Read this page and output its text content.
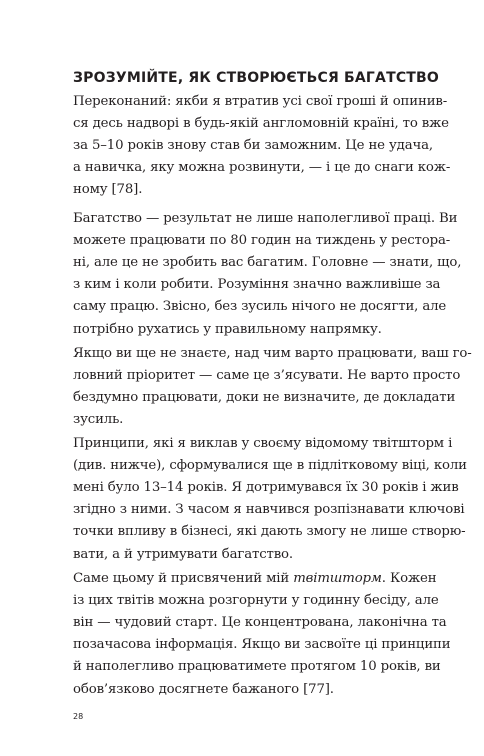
ЗРОЗУМІЙТЕ, ЯК СТВОРЮЄТЬСЯ БАГАТСТВО
Переконаний: якби я втратив усі свої гроші й опинив-
ся десь надворі в будь-якій англомовній країні, то вже
за 5–10 років знову став би заможним. Це не удача,
а навичка, яку можна розвинути, — і це до снаги кож-
ному [78].
Багатство — результат не лише наполегливої праці. Ви
можете працювати по 80 годин на тиждень у ресторa-
ні, але це не зробить вас багатим. Головне — знати, що,
з ким і коли робити. Розуміння значно важливіше за
саму працю. Звісно, без зусиль нічого не досягти, але
потрібно рухатись у правильному напрямку.
Якщо ви ще не знаєте, над чим варто працювати, ваш го-
ловний пріоритет — саме це з’ясувати. Не варто просто
бездумно працювати, доки не визначите, де докладати
зусиль.
Принципи, які я виклав у своєму відомому твітшторм і
(див. нижче), сформувалися ще в підлітковому віці, коли
мені було 13–14 років. Я дотримувався їх 30 років і жив
згідно з ними. З часом я навчився розпізнавати ключові
точки впливу в бізнесі, які дають змогу не лише створю-
вати, а й утримувати багатство.
Саме цьому й присвячений мій твітшторм. Кожен
із цих твітів можна розгорнути у годинну бесіду, але
він — чудовий старт. Це концентрована, лаконічна та
позачасова інформація. Якщо ви засвоїте ці принципи
й наполегливо працюватимете протягом 10 років, ви
обов’язково досягнете бажаного [77].
28
